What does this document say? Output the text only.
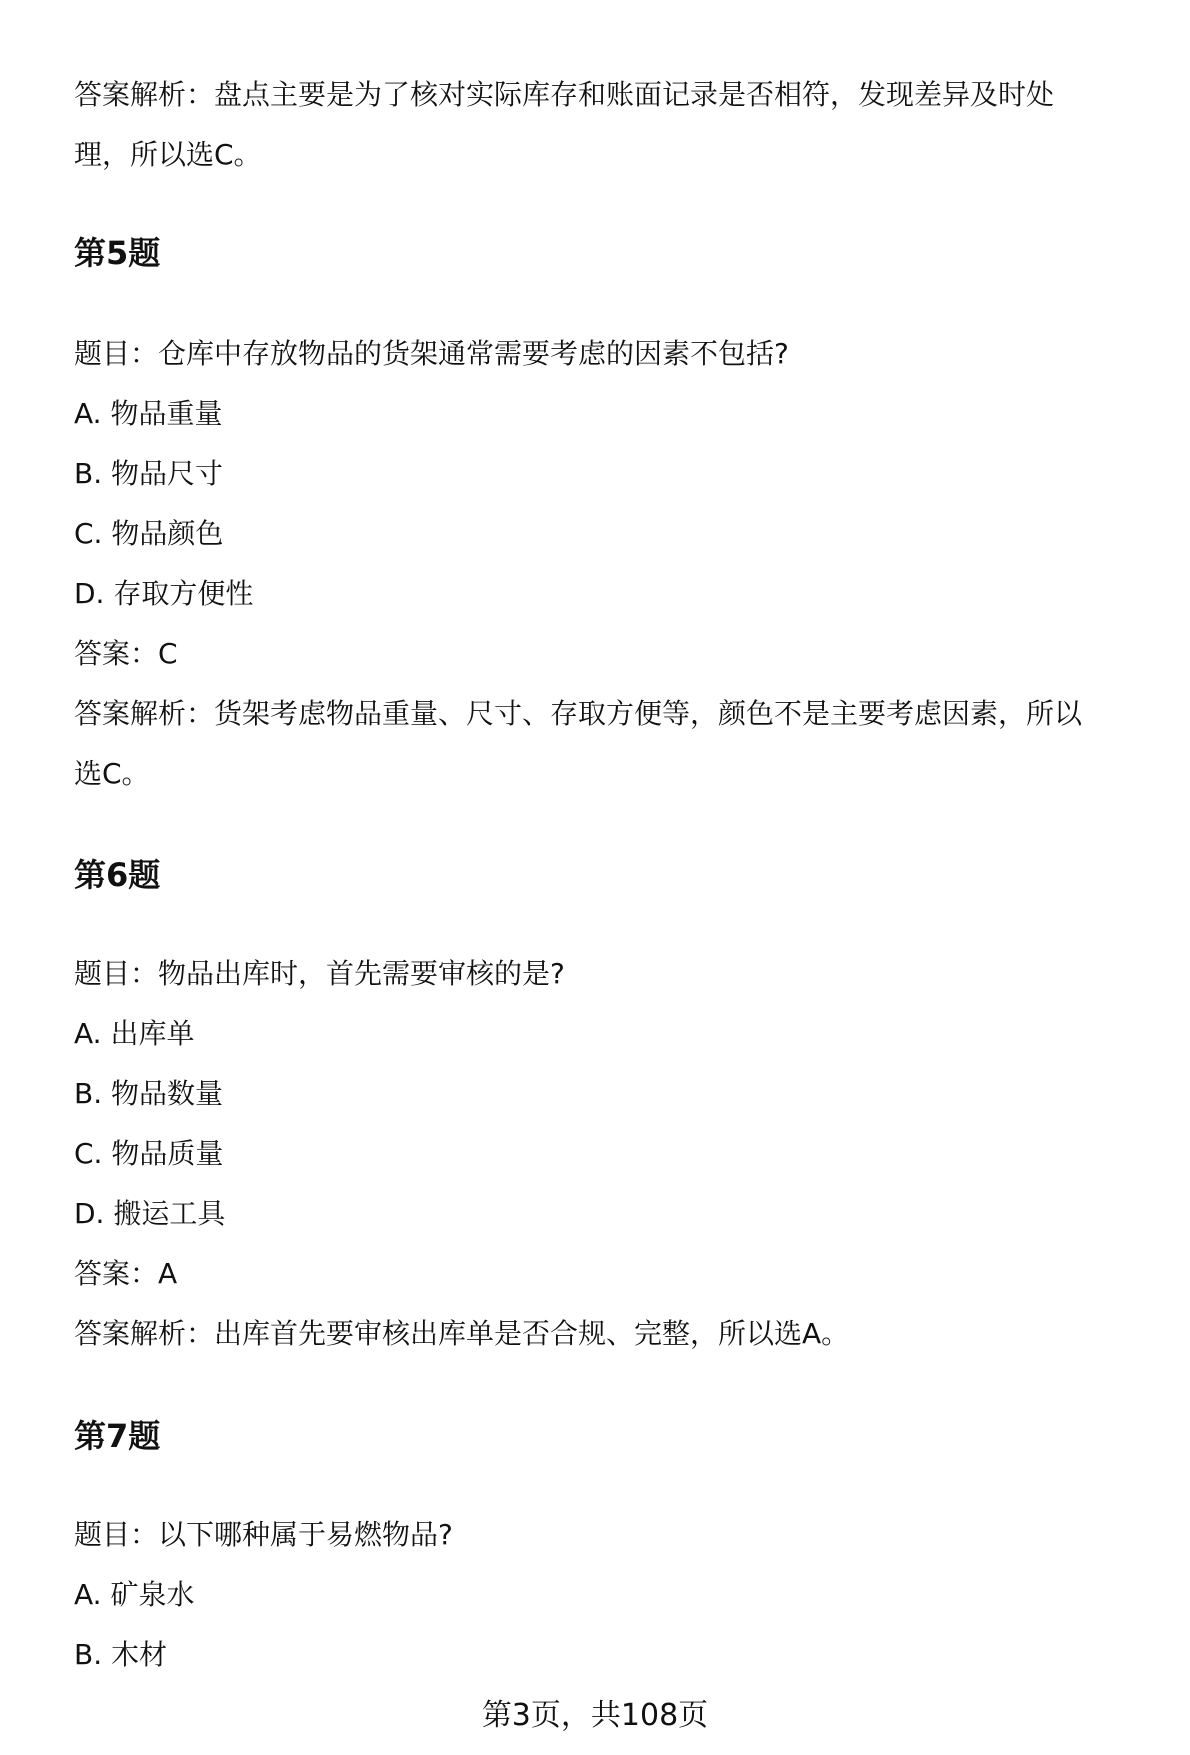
答案解析：盘点主要是为了核对实际库存和账面记录是否相符，发现差异及时处
理，所以选C。
第5题
题目：仓库中存放物品的货架通常需要考虑的因素不包括?
A. 物品重量
B. 物品尺寸
C. 物品颜色
D. 存取方便性
答案：C
答案解析：货架考虑物品重量、尺寸、存取方便等，颜色不是主要考虑因素，所以
选C。
第6题
题目：物品出库时，首先需要审核的是?
A. 出库单
B. 物品数量
C. 物品质量
D. 搬运工具
答案：A
答案解析：出库首先要审核出库单是否合规、完整，所以选A。
第7题
题目：以下哪种属于易燃物品?
A. 矿泉水
B. 木材
第3页，共108页
